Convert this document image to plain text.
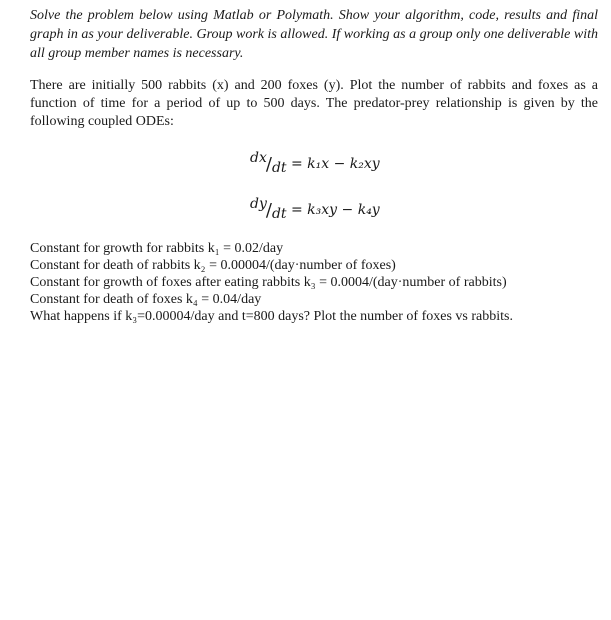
Solve the problem below using Matlab or Polymath. Show your algorithm, code, results and final graph in as your deliverable. Group work is allowed. If working as a group only one deliverable with all group member names is necessary.

There are initially 500 rabbits (x) and 200 foxes (y). Plot the number of rabbits and foxes as a function of time for a period of up to 500 days. The predator-prey relationship is given by the following coupled ODEs:

dx/dt = k₁x − k₂xy
dy/dt = k₃xy − k₄y
Constant for growth for rabbits k₁ = 0.02/day
Constant for death of rabbits k₂ = 0.00004/(day·number of foxes)
Constant for growth of foxes after eating rabbits k₃ = 0.0004/(day·number of rabbits)
Constant for death of foxes k₄ = 0.04/day
What happens if k₃=0.00004/day and t=800 days? Plot the number of foxes vs rabbits.
